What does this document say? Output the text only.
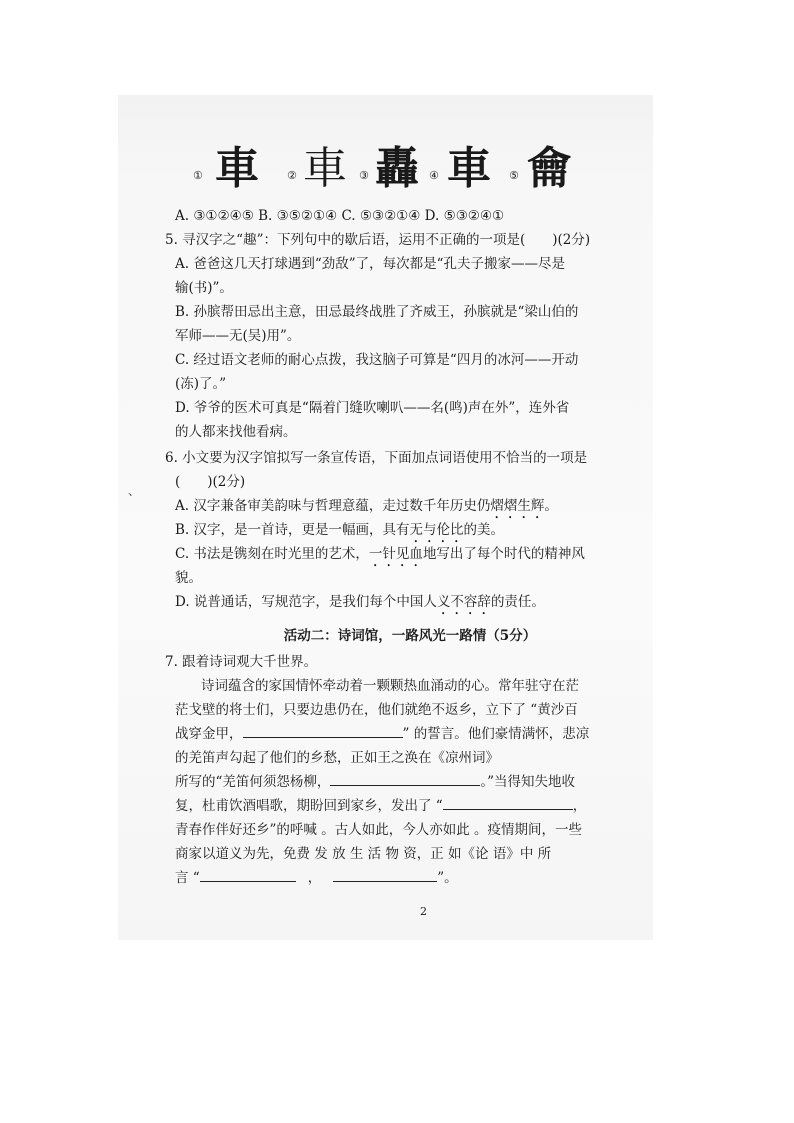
① 車	② 車 ③ 轟 ④ 車 ⑤ 龠
A. ③①②④⑤ B. ③⑤②①④ C. ⑤③②①④ D. ⑤③②④①
5. 寻汉字之“趣”：下列句中的歇后语，运用不正确的一项是(　　)(2分)
A. 爸爸这几天打球遇到“劲敌”了，每次都是“孔夫子搬家——尽是
输(书)”。
B. 孙膑帮田忌出主意，田忌最终战胜了齐威王，孙膑就是“梁山伯的
军师——无(吴)用”。
C. 经过语文老师的耐心点拨，我这脑子可算是“四月的冰河——开动
(冻)了。”
D. 爷爷的医术可真是“隔着门缝吹喇叭——名(鸣)声在外”，连外省
的人都来找他看病。
6. 小文要为汉字馆拟写一条宣传语，下面加点词语使用不恰当的一项是
(　　)(2分)
A. 汉字兼备审美韵味与哲理意蕴，走过数千年历史仍熠熠生辉。
B. 汉字，是一首诗，更是一幅画，具有无与伦比的美。
C. 书法是镌刻在时光里的艺术，一针见血地写出了每个时代的精神风
貌。
D. 说普通话，写规范字，是我们每个中国人义不容辞的责任。
活动二：诗词馆，一路风光一路情（5分）
7. 跟着诗词观大千世界。
诗词蕴含的家国情怀牵动着一颗颗热血涌动的心。常年驻守在茫
茫戈壁的将士们，只要边患仍在，他们就绝不返乡，立下了 “黄沙百
战穿金甲，	” 的誓言。他们豪情满怀，悲凉
的羌笛声勾起了他们的乡愁，正如王之涣在《凉州词》
所写的“羌笛何须怨杨柳，	。”当得知失地收
复，杜甫饮酒唱歌，期盼回到家乡，发出了 “	，
青春作伴好还乡”的呼喊 。古人如此，今人亦如此 。疫情期间，一些
商家以道义为先，免费 发 放 生 活 物 资，正 如《论 语》中 所
言 “	，	”。
2
、
